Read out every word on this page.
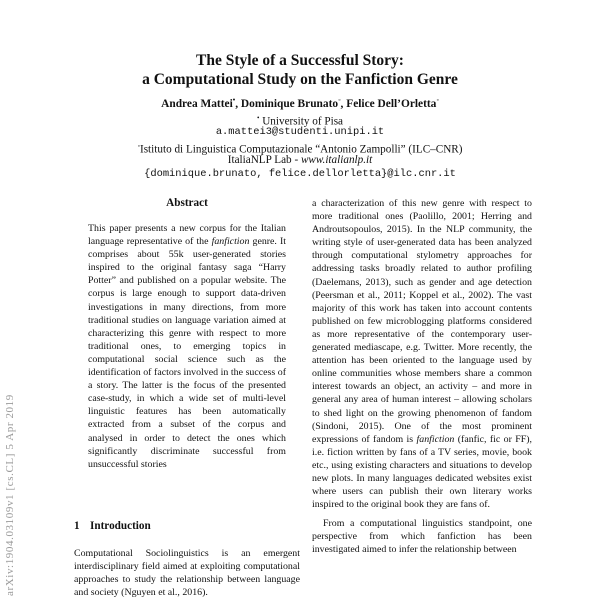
The Style of a Successful Story:
a Computational Study on the Fanfiction Genre
Andrea Mattei•, Dominique Brunato◦, Felice Dell’Orletta◦
• University of Pisa
a.mattei3@studenti.unipi.it
◦Istituto di Linguistica Computazionale “Antonio Zampolli” (ILC–CNR)
ItaliaNLP Lab - www.italianlp.it
{dominique.brunato, felice.dellorletta}@ilc.cnr.it
Abstract
This paper presents a new corpus for the Italian language representative of the fanfiction genre. It comprises about 55k user-generated stories inspired to the original fantasy saga “Harry Potter” and published on a popular website. The corpus is large enough to support data-driven investigations in many directions, from more traditional studies on language variation aimed at characterizing this genre with respect to more traditional ones, to emerging topics in computational social science such as the identification of factors involved in the success of a story. The latter is the focus of the presented case-study, in which a wide set of multi-level linguistic features has been automatically extracted from a subset of the corpus and analysed in order to detect the ones which significantly discriminate successful from unsuccessful stories
1 Introduction
Computational Sociolinguistics is an emergent interdisciplinary field aimed at exploiting computational approaches to study the relationship between language and society (Nguyen et al., 2016).

a characterization of this new genre with respect to more traditional ones (Paolillo, 2001; Herring and Androutsopoulos, 2015). In the NLP community, the writing style of user-generated data has been analyzed through computational stylometry approaches for addressing tasks broadly related to author profiling (Daelemans, 2013), such as gender and age detection (Peersman et al., 2011; Koppel et al., 2002). The vast majority of this work has taken into account contents published on few microblogging platforms considered as more representative of the contemporary user-generated mediascape, e.g. Twitter. More recently, the attention has been oriented to the language used by online communities whose members share a common interest towards an object, an activity – and more in general any area of human interest – allowing scholars to shed light on the growing phenomenon of fandom (Sindoni, 2015). One of the most prominent expressions of fandom is fanfiction (fanfic, fic or FF), i.e. fiction written by fans of a TV series, movie, book etc., using existing characters and situations to develop new plots. In many languages dedicated websites exist where users can publish their own literary works inspired to the original book they are fans of.

From a computational linguistics standpoint, one perspective from which fanfiction has been investigated aimed to infer the relationship between

arXiv:1904.03109v1 [cs.CL] 5 Apr 2019
